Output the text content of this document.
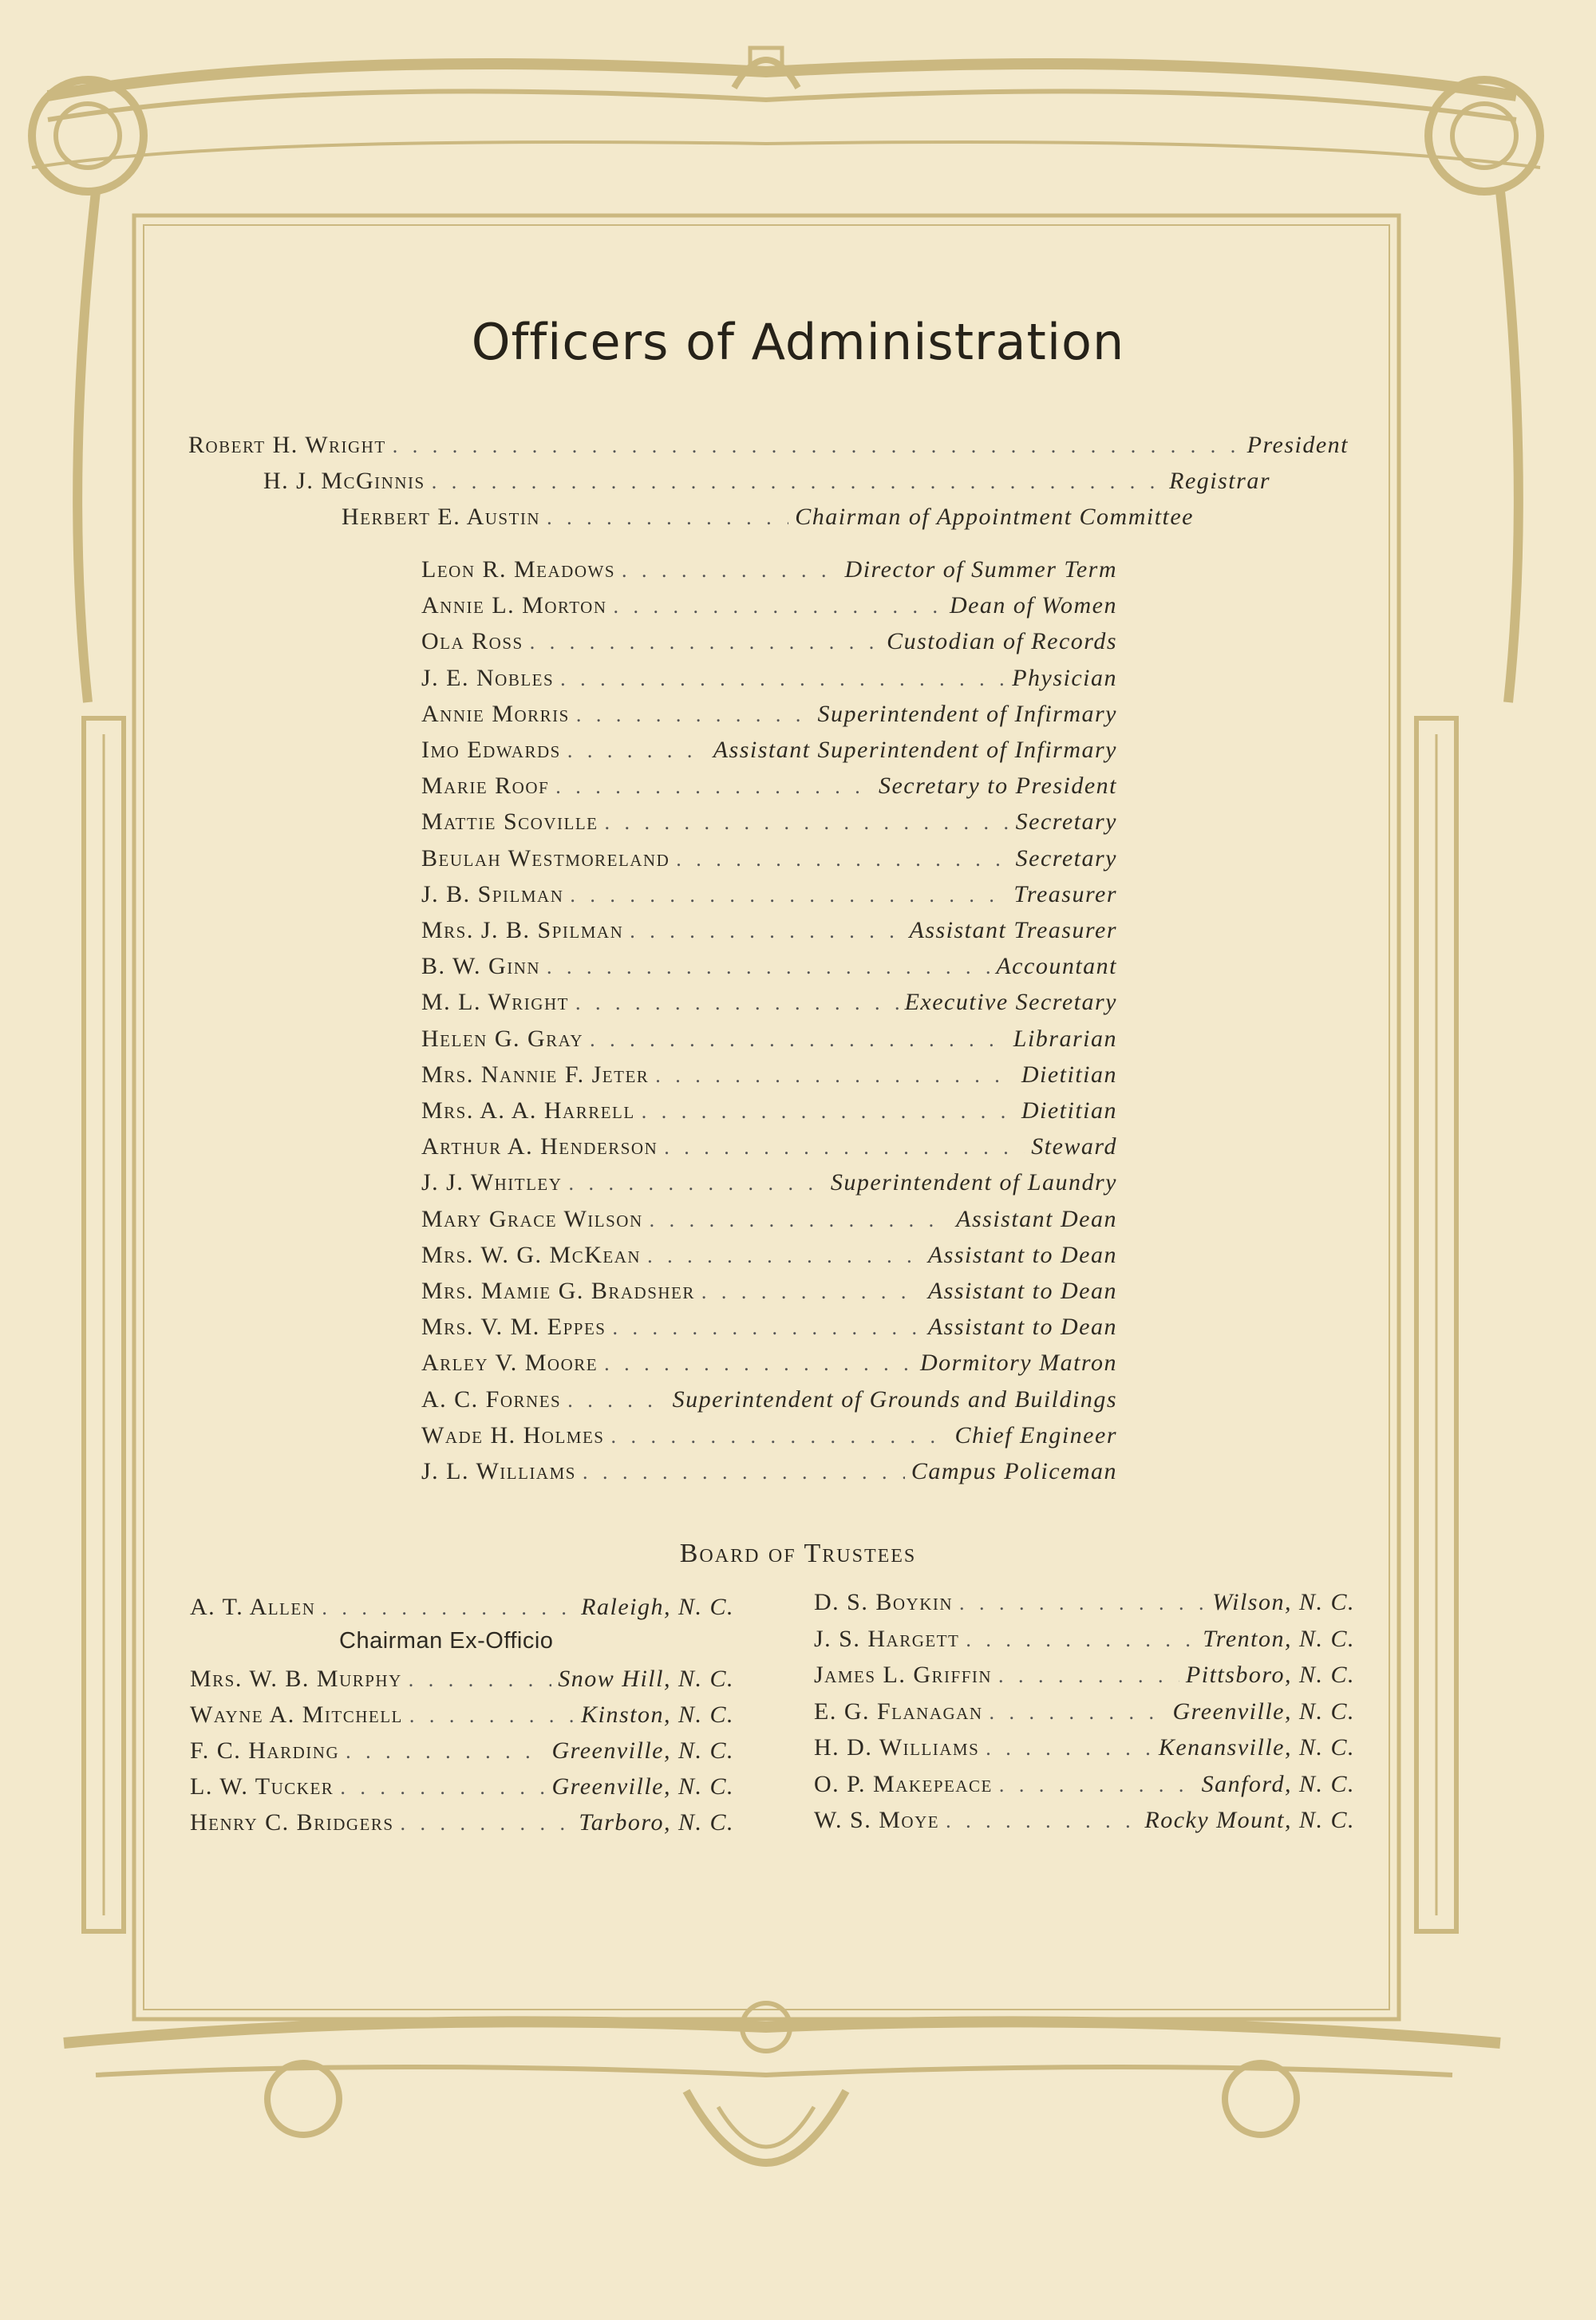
Officers of Administration
Robert H. Wright . . .	President
H. J. McGinnis . . .	Registrar
Herbert E. Austin . . .	Chairman of Appointment Committee
Leon R. Meadows . . .	Director of Summer Term
Annie L. Morton . . .	Dean of Women
Ola Ross . . .	Custodian of Records
J. E. Nobles . . .	Physician
Annie Morris . . .	Superintendent of Infirmary
Imo Edwards . . .	Assistant Superintendent of Infirmary
Marie Roof . . .	Secretary to President
Mattie Scoville . . .	Secretary
Beulah Westmoreland . . .	Secretary
J. B. Spilman . . .	Treasurer
Mrs. J. B. Spilman . . .	Assistant Treasurer
B. W. Ginn . . .	Accountant
M. L. Wright . . .	Executive Secretary
Helen G. Gray . . .	Librarian
Mrs. Nannie F. Jeter . . .	Dietitian
Mrs. A. A. Harrell . . .	Dietitian
Arthur A. Henderson . . .	Steward
J. J. Whitley . . .	Superintendent of Laundry
Mary Grace Wilson . . .	Assistant Dean
Mrs. W. G. McKean . . .	Assistant to Dean
Mrs. Mamie G. Bradsher . . .	Assistant to Dean
Mrs. V. M. Eppes . . .	Assistant to Dean
Arley V. Moore . . .	Dormitory Matron
A. C. Fornes . . .	Superintendent of Grounds and Buildings
Wade H. Holmes . . .	Chief Engineer
J. L. Williams . . .	Campus Policeman
Board of Trustees
Chairman Ex-Officio
A. T. Allen . . .	Raleigh, N. C.
Mrs. W. B. Murphy . . .	Snow Hill, N. C.
Wayne A. Mitchell . . .	Kinston, N. C.
F. C. Harding . . .	Greenville, N. C.
L. W. Tucker . . .	Greenville, N. C.
Henry C. Bridgers . . .	Tarboro, N. C.
D. S. Boykin . . .	Wilson, N. C.
J. S. Hargett . . .	Trenton, N. C.
James L. Griffin . . .	Pittsboro, N. C.
E. G. Flanagan . . .	Greenville, N. C.
H. D. Williams . . .	Kenansville, N. C.
O. P. Makepeace . . .	Sanford, N. C.
W. S. Moye . . .	Rocky Mount, N. C.
